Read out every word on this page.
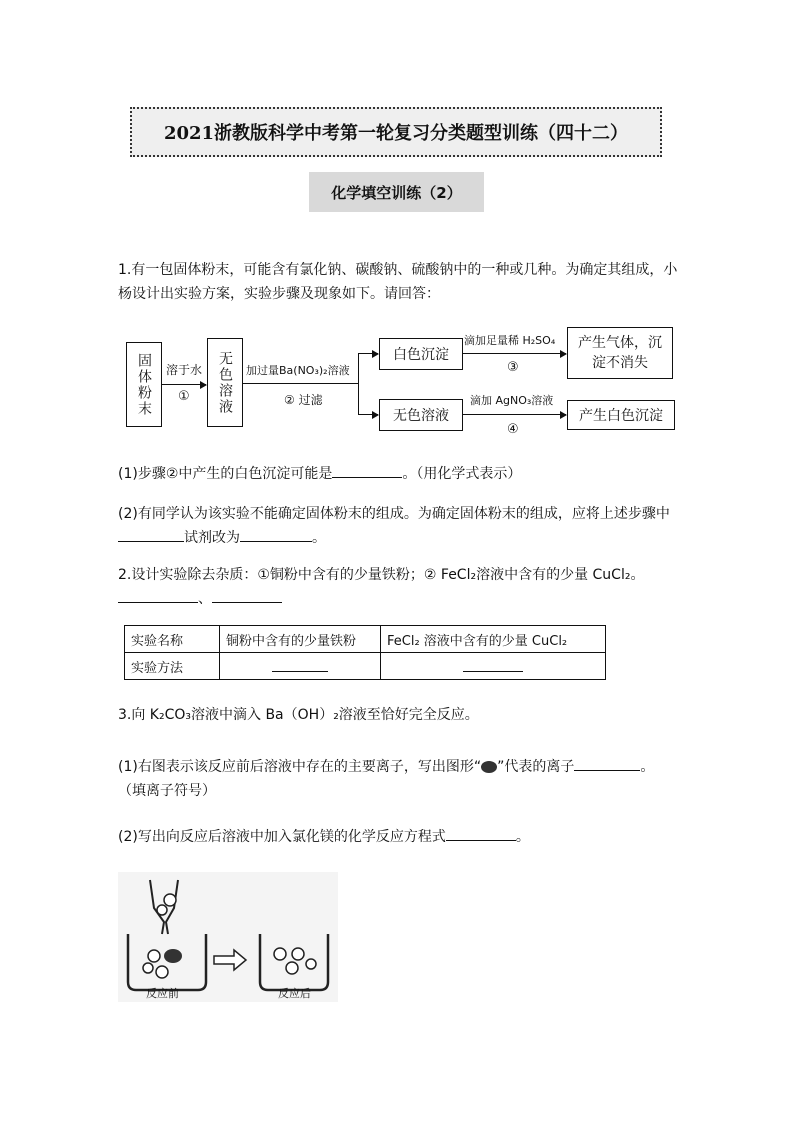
2021浙教版科学中考第一轮复习分类题型训练（四十二）
化学填空训练（2）
1.有一包固体粉末，可能含有氯化钠、碳酸钠、硫酸钠中的一种或几种。为确定其组成，小
杨设计出实验方案，实验步骤及现象如下。请回答：
固体粉末 溶于水
① 无色溶液 加过量Ba(NO₃)₂溶液
② 过滤
白色沉淀
滴加足量稀 H₂SO₄
③
产生气体，沉淀不消失
无色溶液
滴加 AgNO₃溶液
④
产生白色沉淀
(1)步骤②中产生的白色沉淀可能是	。（用化学式表示）
(2)有同学认为该实验不能确定固体粉末的组成。为确定固体粉末的组成，应将上述步骤中
试剂改为	。
2.设计实验除去杂质：①铜粉中含有的少量铁粉；② FeCl₂溶液中含有的少量 CuCl₂。
、
实验名称	铜粉中含有的少量铁粉	FeCl₂ 溶液中含有的少量 CuCl₂
实验方法		
3.向 K₂CO₃溶液中滴入 Ba（OH）₂溶液至恰好完全反应。
(1)右图表示该反应前后溶液中存在的主要离子，写出图形“ ”代表的离子	。
（填离子符号）
(2)写出向反应后溶液中加入氯化镁的化学反应方程式	。
反应前	反应后
